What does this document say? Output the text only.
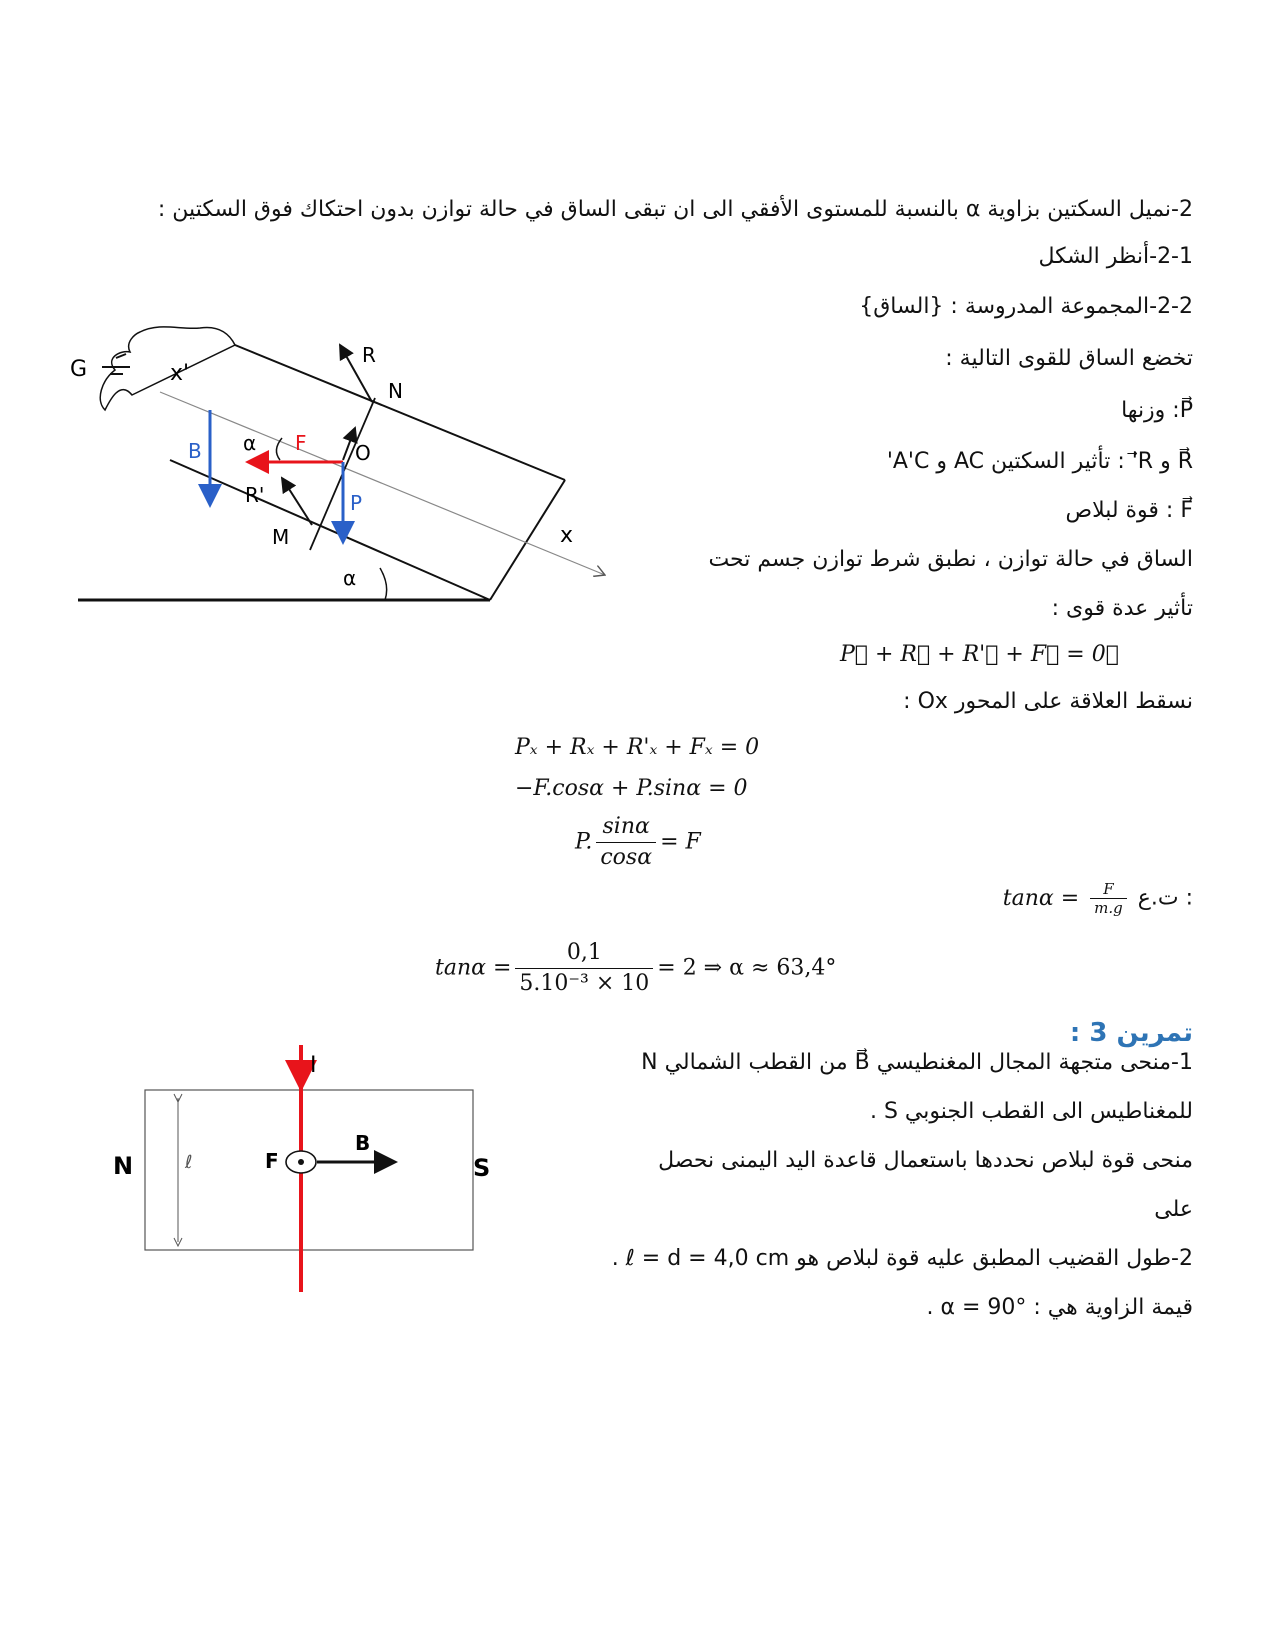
2-نميل السكتين بزاوية α بالنسبة للمستوى الأفقي الى ان تبقى الساق في حالة توازن بدون احتكاك فوق السكتين :
2-1-أنظر الشكل
2-2-المجموعة المدروسة : {الساق}
تخضع الساق للقوى التالية :
P⃗: وزنها
R⃗ و R'⃗ : تأثير السكتين AC و A'C'
F⃗ : قوة لبلاص
الساق في حالة توازن ، نطبق شرط توازن جسم تحت
تأثير عدة قوى :
P⃗ + R⃗ + R'⃗ + F⃗ = 0⃗
نسقط العلاقة على المحور Ox :
Pₓ + Rₓ + R'ₓ + Fₓ = 0
−F.cosα + P.sinα = 0
P. $\frac{\sin\alpha}{\cos\alpha} = F$
: ت.ع $\tan\alpha = \frac{F}{m.g}$
$\tan\alpha = \frac{0,1}{\text{5.10⁻³ × 10}} = 2$ ⇒ α ≈ 63,4°
تمرين 3 :
1-منحى متجهة المجال المغنطيسي B⃗ من القطب الشمالي N
للمغناطيس الى القطب الجنوبي S .
منحى قوة لبلاص نحددها باستعمال قاعدة اليد اليمنى نحصل
على
2-طول القضيب المطبق عليه قوة لبلاص هو ℓ = d = 4,0 cm .
قيمة الزاوية هي : α = 90° .
G	x'
x
R
N
O
B α F
R'	P
M
α
I
N	S
ℓ	F
B
